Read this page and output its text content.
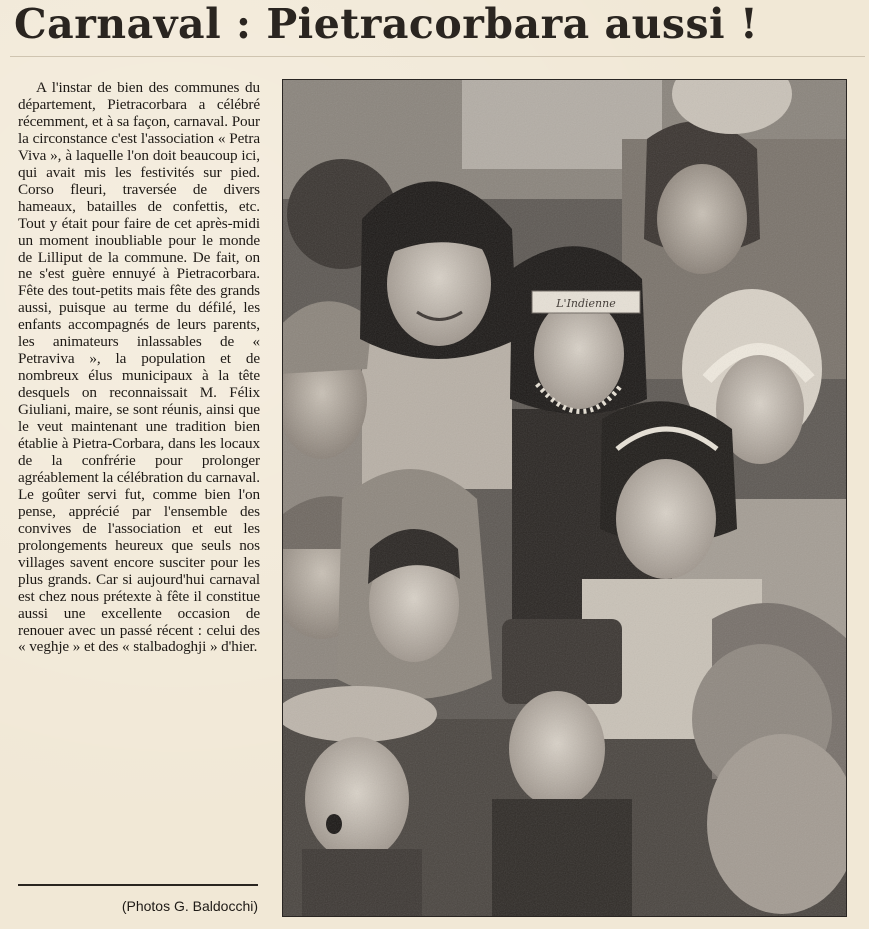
Carnaval : Pietracorbara aussi !

A l'instar de bien des communes du département, Pietracorbara a célébré récemment, et à sa façon, carnaval. Pour la circonstance c'est l'association « Petra Viva », à laquelle l'on doit beaucoup ici, qui avait mis les festivités sur pied. Corso fleuri, traversée de divers hameaux, batailles de confettis, etc. Tout y était pour faire de cet après-midi un moment inoubliable pour le monde de Lilliput de la commune. De fait, on ne s'est guère ennuyé à Pietracorbara. Fête des tout-petits mais fête des grands aussi, puisque au terme du défilé, les enfants accompagnés de leurs parents, les animateurs inlassables de « Petraviva », la population et de nombreux élus municipaux à la tête desquels on reconnaissait M. Félix Giuliani, maire, se sont réunis, ainsi que le veut maintenant une tradition bien établie à Pietra-Corbara, dans les locaux de la confrérie pour prolonger agréablement la célébration du carnaval. Le goûter servi fut, comme bien l'on pense, apprécié par l'ensemble des convives de l'association et eut les prolongements heureux que seuls nos villages savent encore susciter pour les plus grands. Car si aujourd'hui carnaval est chez nous prétexte à fête il constitue aussi une excellente occasion de renouer avec un passé récent : celui des « veghje » et des « stalbadoghji » d'hier.

(Photos G. Baldocchi)
